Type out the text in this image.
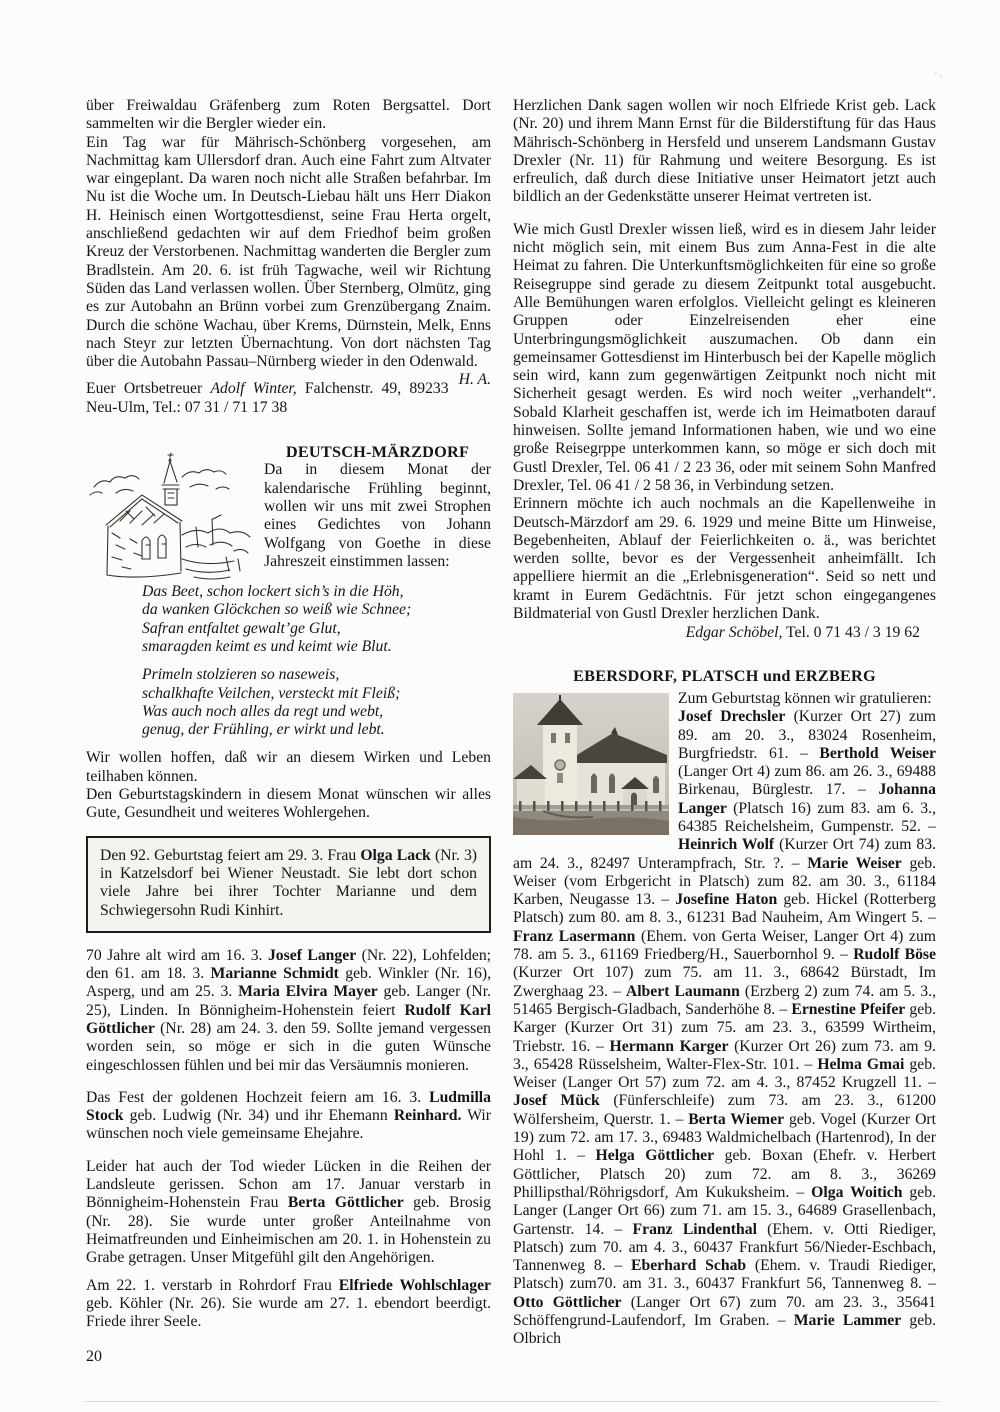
·.

über Freiwaldau Gräfenberg zum Roten Bergsattel. Dort sammelten wir die Bergler wieder ein.

Ein Tag war für Mährisch-Schönberg vorgesehen, am Nachmittag kam Ullersdorf dran. Auch eine Fahrt zum Altvater war eingeplant. Da waren noch nicht alle Straßen befahrbar. Im Nu ist die Woche um. In Deutsch-Liebau hält uns Herr Diakon H. Heinisch einen Wortgottesdienst, seine Frau Herta orgelt, anschließend gedachten wir auf dem Friedhof beim großen Kreuz der Verstorbenen. Nachmittag wanderten die Bergler zum Bradlstein. Am 20. 6. ist früh Tagwache, weil wir Richtung Süden das Land verlassen wollen. Über Sternberg, Olmütz, ging es zur Autobahn an Brünn vorbei zum Grenzübergang Znaim. Durch die schöne Wachau, über Krems, Dürnstein, Melk, Enns nach Steyr zur letzten Übernachtung. Von dort nächsten Tag über die Autobahn Passau–Nürnberg wieder in den Odenwald.
H. A.

Euer Ortsbetreuer Adolf Winter, Falchenstr. 49, 89233 Neu-Ulm, Tel.: 07 31 / 71 17 38

DEUTSCH-MÄRZDORF

Da in diesem Monat der kalendarische Frühling beginnt, wollen wir uns mit zwei Strophen eines Gedichtes von Johann Wolfgang von Goethe in diese Jahreszeit einstimmen lassen:

Das Beet, schon lockert sich’s in die Höh,
da wanken Glöckchen so weiß wie Schnee;
Safran entfaltet gewalt’ge Glut,
smaragden keimt es und keimt wie Blut.
Primeln stolzieren so naseweis,
schalkhafte Veilchen, versteckt mit Fleiß;
Was auch noch alles da regt und webt,
genug, der Frühling, er wirkt und lebt.

Wir wollen hoffen, daß wir an diesem Wirken und Leben teilhaben können.

Den Geburtstagskindern in diesem Monat wünschen wir alles Gute, Gesundheit und weiteres Wohlergehen.

Den 92. Geburtstag feiert am 29. 3. Frau Olga Lack (Nr. 3) in Katzelsdorf bei Wiener Neustadt. Sie lebt dort schon viele Jahre bei ihrer Tochter Marianne und dem Schwiegersohn Rudi Kinhirt.

70 Jahre alt wird am 16. 3. Josef Langer (Nr. 22), Lohfelden; den 61. am 18. 3. Marianne Schmidt geb. Winkler (Nr. 16), Asperg, und am 25. 3. Maria Elvira Mayer geb. Langer (Nr. 25), Linden. In Bönnigheim-Hohenstein feiert Rudolf Karl Göttlicher (Nr. 28) am 24. 3. den 59. Sollte jemand vergessen worden sein, so möge er sich in die guten Wünsche eingeschlossen fühlen und bei mir das Versäumnis monieren.

Das Fest der goldenen Hochzeit feiern am 16. 3. Ludmilla Stock geb. Ludwig (Nr. 34) und ihr Ehemann Reinhard. Wir wünschen noch viele gemeinsame Ehejahre.

Leider hat auch der Tod wieder Lücken in die Reihen der Landsleute gerissen. Schon am 17. Januar verstarb in Bönnigheim-Hohenstein Frau Berta Göttlicher geb. Brosig (Nr. 28). Sie wurde unter großer Anteilnahme von Heimatfreunden und Einheimischen am 20. 1. in Hohenstein zu Grabe getragen. Unser Mitgefühl gilt den Angehörigen.

Am 22. 1. verstarb in Rohrdorf Frau Elfriede Wohlschlager geb. Köhler (Nr. 26). Sie wurde am 27. 1. ebendort beerdigt. Friede ihrer Seele.

Herzlichen Dank sagen wollen wir noch Elfriede Krist geb. Lack (Nr. 20) und ihrem Mann Ernst für die Bilderstiftung für das Haus Mährisch-Schönberg in Hersfeld und unserem Landsmann Gustav Drexler (Nr. 11) für Rahmung und weitere Besorgung. Es ist erfreulich, daß durch diese Initiative unser Heimatort jetzt auch bildlich an der Gedenkstätte unserer Heimat vertreten ist.

Wie mich Gustl Drexler wissen ließ, wird es in diesem Jahr leider nicht möglich sein, mit einem Bus zum Anna-Fest in die alte Heimat zu fahren. Die Unterkunftsmöglichkeiten für eine so große Reisegruppe sind gerade zu diesem Zeitpunkt total ausgebucht. Alle Bemühungen waren erfolglos. Vielleicht gelingt es kleineren Gruppen oder Einzelreisenden eher eine Unterbringungsmöglichkeit auszumachen. Ob dann ein gemeinsamer Gottesdienst im Hinterbusch bei der Kapelle möglich sein wird, kann zum gegenwärtigen Zeitpunkt noch nicht mit Sicherheit gesagt werden. Es wird noch weiter „verhandelt“. Sobald Klarheit geschaffen ist, werde ich im Heimatboten darauf hinweisen. Sollte jemand Informationen haben, wie und wo eine große Reisegrppe unterkommen kann, so möge er sich doch mit Gustl Drexler, Tel. 06 41 / 2 23 36, oder mit seinem Sohn Manfred Drexler, Tel. 06 41 / 2 58 36, in Verbindung setzen.

Erinnern möchte ich auch nochmals an die Kapellenweihe in Deutsch-Märzdorf am 29. 6. 1929 und meine Bitte um Hinweise, Begebenheiten, Ablauf der Feierlichkeiten o. ä., was berichtet werden sollte, bevor es der Vergessenheit anheimfällt. Ich appelliere hiermit an die „Erlebnisgeneration“. Seid so nett und kramt in Eurem Gedächtnis. Für jetzt schon eingegangenes Bildmaterial von Gustl Drexler herzlichen Dank.

Edgar Schöbel, Tel. 0 71 43 / 3 19 62

EBERSDORF, PLATSCH und ERZBERG

Zum Geburtstag können wir gratulieren:

Josef Drechsler (Kurzer Ort 27) zum 89. am 20. 3., 83024 Rosenheim, Burgfriedstr. 61. – Berthold Weiser (Langer Ort 4) zum 86. am 26. 3., 69488 Birkenau, Bürglestr. 17. – Johanna Langer (Platsch 16) zum 83. am 6. 3., 64385 Reichelsheim, Gumpenstr. 52. – Heinrich Wolf (Kurzer Ort 74) zum 83. am 24. 3., 82497 Unterampfrach, Str. ?. – Marie Weiser geb. Weiser (vom Erbgericht in Platsch) zum 82. am 30. 3., 61184 Karben, Neugasse 13. – Josefine Haton geb. Hickel (Rotterberg Platsch) zum 80. am 8. 3., 61231 Bad Nauheim, Am Wingert 5. – Franz Lasermann (Ehem. von Gerta Weiser, Langer Ort 4) zum 78. am 5. 3., 61169 Friedberg/H., Sauerbornhol 9. – Rudolf Böse (Kurzer Ort 107) zum 75. am 11. 3., 68642 Bürstadt, Im Zwerghaag 23. – Albert Laumann (Erzberg 2) zum 74. am 5. 3., 51465 Bergisch-Gladbach, Sanderhöhe 8. – Ernestine Pfeifer geb. Karger (Kurzer Ort 31) zum 75. am 23. 3., 63599 Wirtheim, Triebstr. 16. – Hermann Karger (Kurzer Ort 26) zum 73. am 9. 3., 65428 Rüsselsheim, Walter-Flex-Str. 101. – Helma Gmai geb. Weiser (Langer Ort 57) zum 72. am 4. 3., 87452 Krugzell 11. – Josef Mück (Fünferschleife) zum 73. am 23. 3., 61200 Wölfersheim, Querstr. 1. – Berta Wiemer geb. Vogel (Kurzer Ort 19) zum 72. am 17. 3., 69483 Waldmichelbach (Hartenrod), In der Hohl 1. – Helga Göttlicher geb. Boxan (Ehefr. v. Herbert Göttlicher, Platsch 20) zum 72. am 8. 3., 36269 Phillipsthal/Röhrigsdorf, Am Kukuksheim. – Olga Woitich geb. Langer (Langer Ort 66) zum 71. am 15. 3., 64689 Grasellenbach, Gartenstr. 14. – Franz Lindenthal (Ehem. v. Otti Riediger, Platsch) zum 70. am 4. 3., 60437 Frankfurt 56/Nieder-Eschbach, Tannenweg 8. – Eberhard Schab (Ehem. v. Traudi Riediger, Platsch) zum70. am 31. 3., 60437 Frankfurt 56, Tannenweg 8. – Otto Göttlicher (Langer Ort 67) zum 70. am 23. 3., 35641 Schöffengrund-Laufendorf, Im Graben. – Marie Lammer geb. Olbrich

20
